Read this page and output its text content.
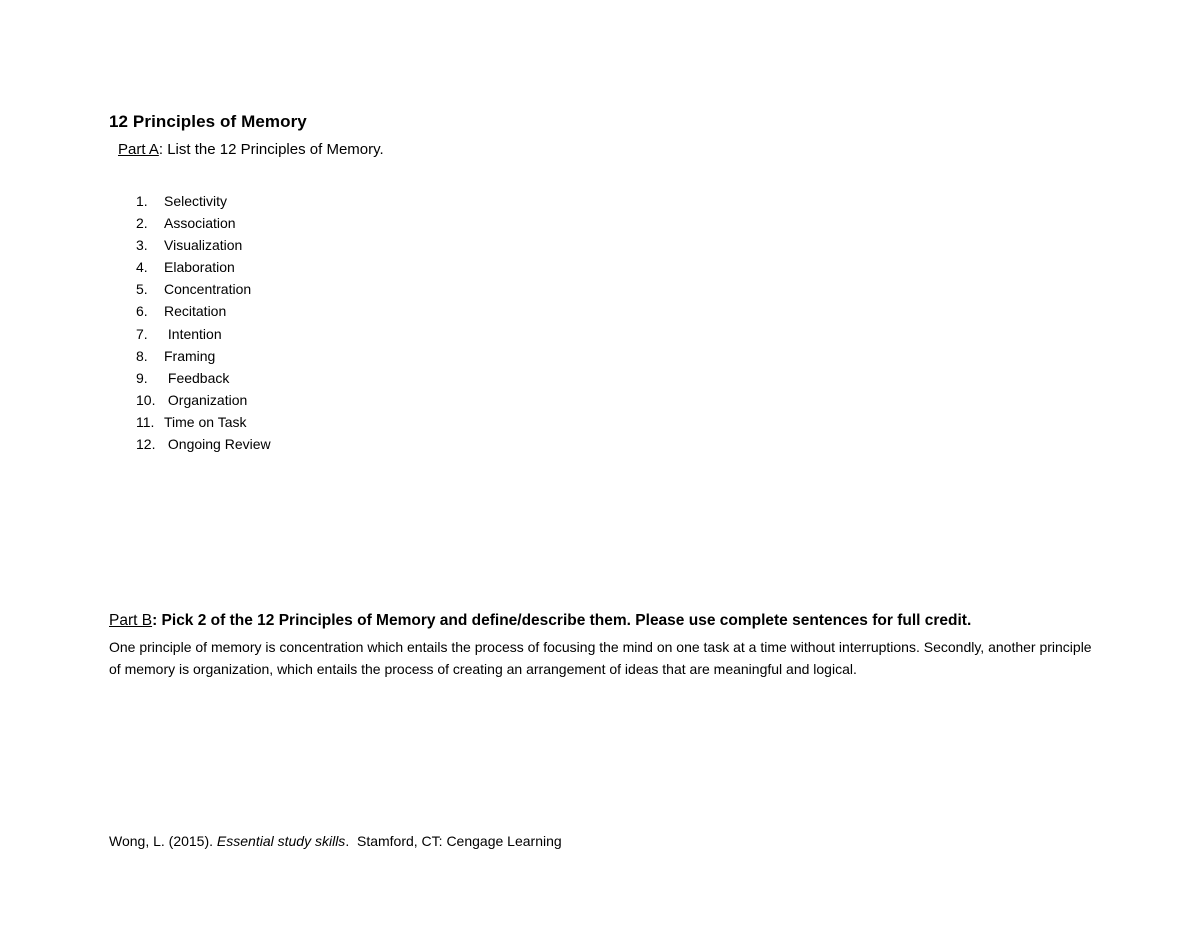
12 Principles of Memory
Part A: List the 12 Principles of Memory.
1. Selectivity
2. Association
3. Visualization
4. Elaboration
5. Concentration
6. Recitation
7. Intention
8. Framing
9. Feedback
10. Organization
11. Time on Task
12. Ongoing Review
Part B: Pick 2 of the 12 Principles of Memory and define/describe them. Please use complete sentences for full credit.
One principle of memory is concentration which entails the process of focusing the mind on one task at a time without interruptions. Secondly, another principle of memory is organization, which entails the process of creating an arrangement of ideas that are meaningful and logical.
Wong, L. (2015). Essential study skills.  Stamford, CT: Cengage Learning
